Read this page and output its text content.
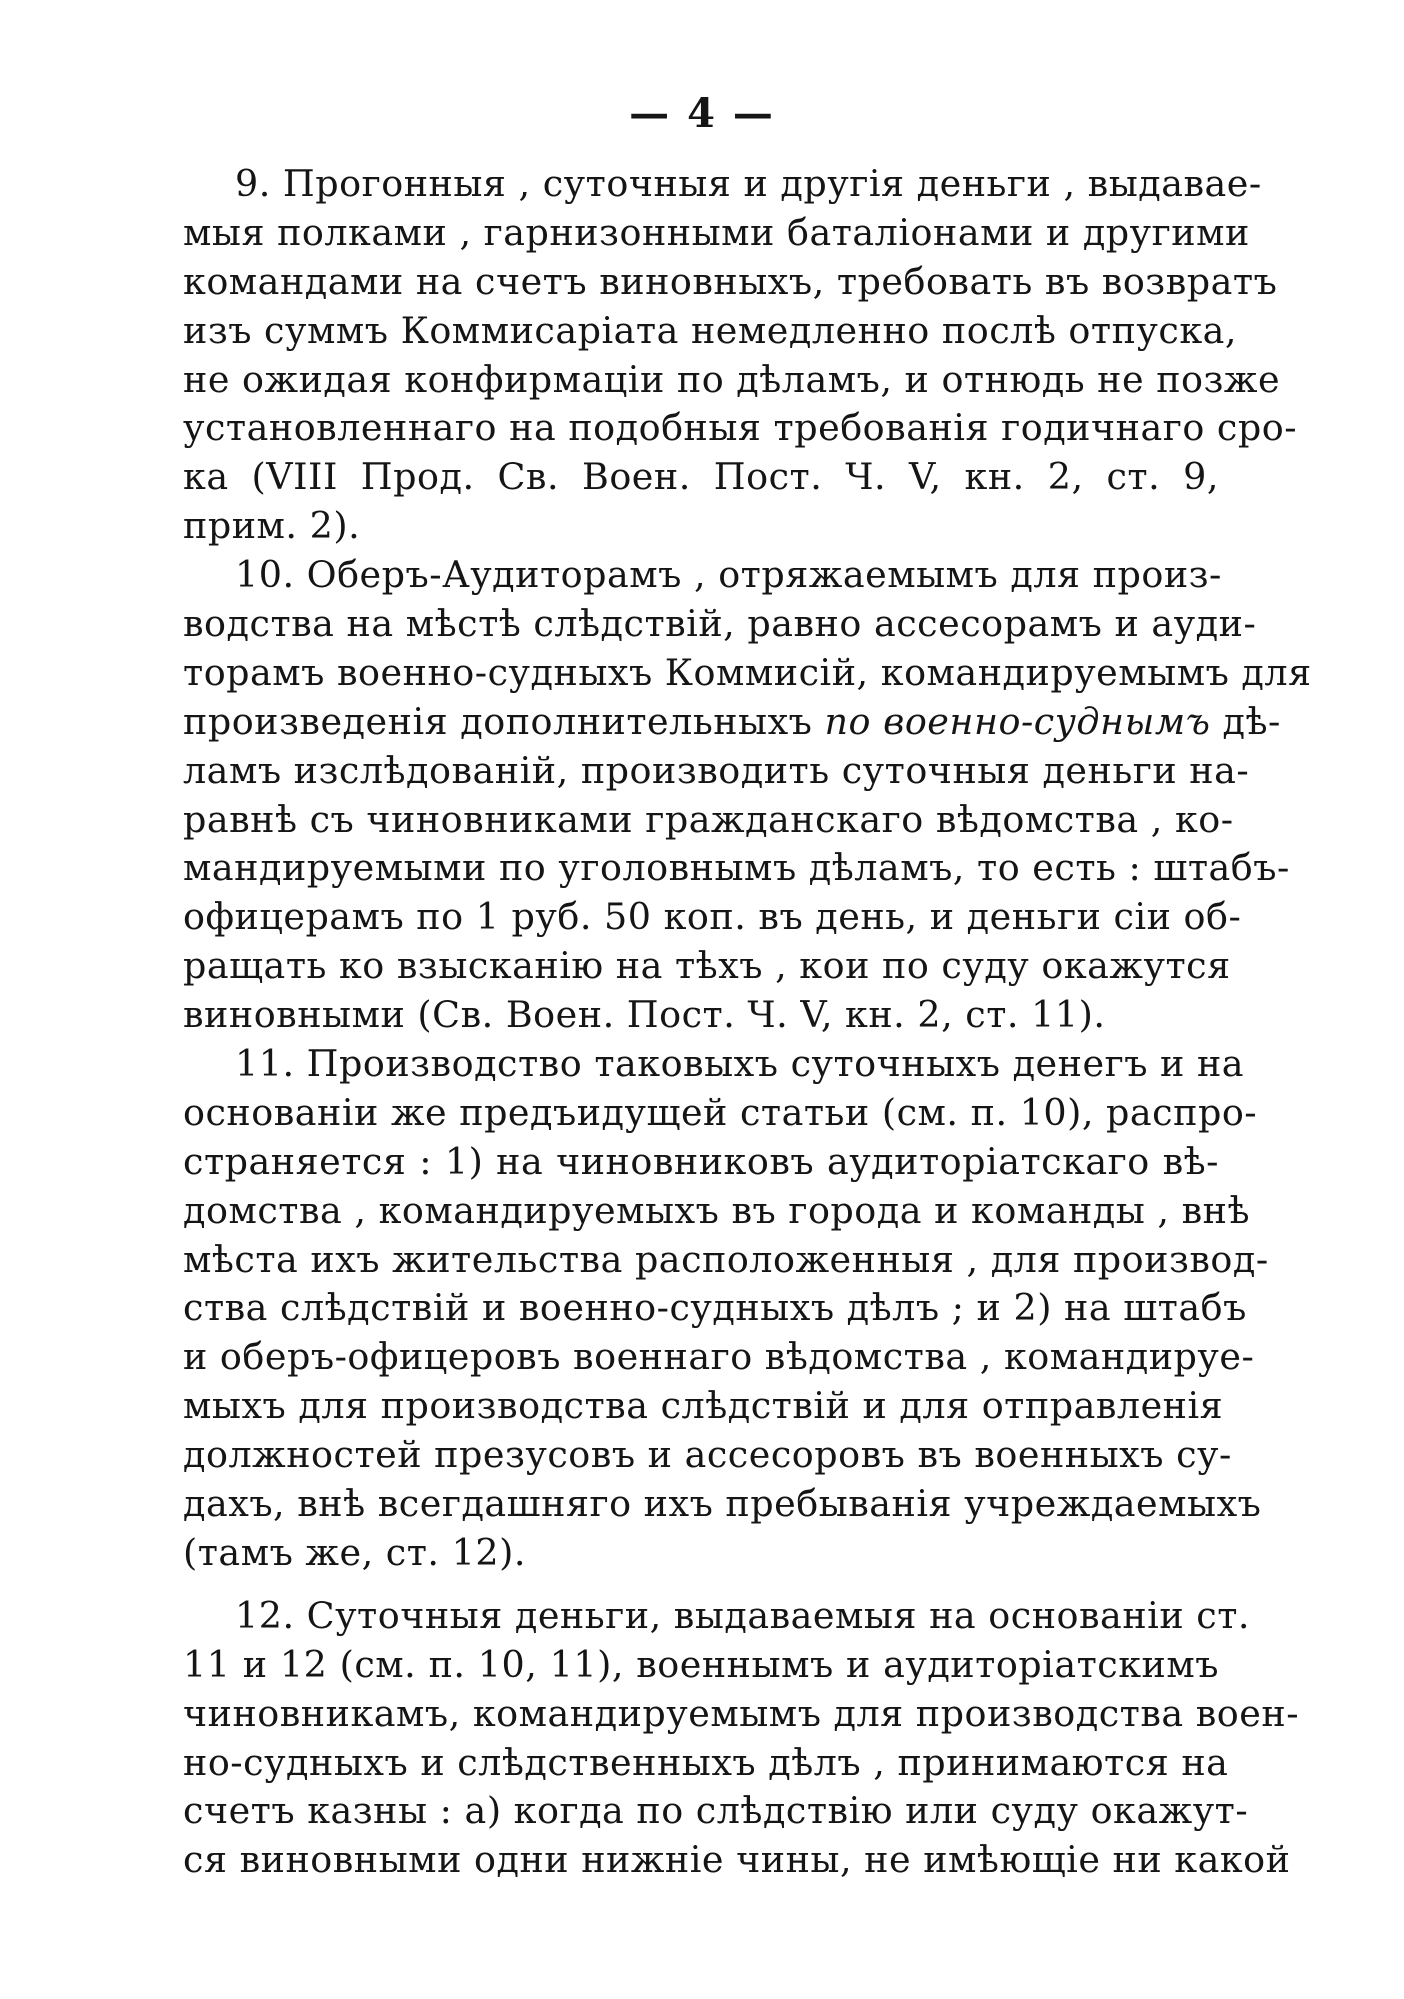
— 4 —
9. Прогонныя , суточныя и другія деньги , выдавае-
мыя полками , гарнизонными баталіонами и другими
командами на счетъ виновныхъ, требовать въ возвратъ
изъ суммъ Коммисаріата немедленно послѣ отпуска,
не ожидая конфирмаціи по дѣламъ, и отнюдь не позже
установленнаго на подобныя требованія годичнаго сро-
ка (VIII Прод. Св. Воен. Пост. Ч. V, кн. 2, ст. 9,
прим. 2).
10. Оберъ-Аудиторамъ , отряжаемымъ для произ-
водства на мѣстѣ слѣдствій, равно ассесорамъ и ауди-
торамъ военно-судныхъ Коммисій, командируемымъ для
произведенія дополнительныхъ по военно-суднымъ дѣ-
ламъ изслѣдованій, производить суточныя деньги на-
равнѣ съ чиновниками гражданскаго вѣдомства , ко-
мандируемыми по уголовнымъ дѣламъ, то есть : штабъ-
офицерамъ по 1 руб. 50 коп. въ день, и деньги сіи об-
ращать ко взысканію на тѣхъ , кои по суду окажутся
виновными (Св. Воен. Пост. Ч. V, кн. 2, ст. 11).
11. Производство таковыхъ суточныхъ денегъ и на
основаніи же предъидущей статьи (см. п. 10), распро-
страняется : 1) на чиновниковъ аудиторіатскаго вѣ-
домства , командируемыхъ въ города и команды , внѣ
мѣста ихъ жительства расположенныя , для производ-
ства слѣдствій и военно-судныхъ дѣлъ ; и 2) на штабъ
и оберъ-офицеровъ военнаго вѣдомства , командируе-
мыхъ для производства слѣдствій и для отправленія
должностей презусовъ и ассесоровъ въ военныхъ су-
дахъ, внѣ всегдашняго ихъ пребыванія учреждаемыхъ
(тамъ же, ст. 12).
12. Суточныя деньги, выдаваемыя на основаніи ст.
11 и 12 (см. п. 10, 11), военнымъ и аудиторіатскимъ
чиновникамъ, командируемымъ для производства воен-
но-судныхъ и слѣдственныхъ дѣлъ , принимаются на
счетъ казны : а) когда по слѣдствію или суду окажут-
ся виновными одни нижніе чины, не имѣющіе ни какой
